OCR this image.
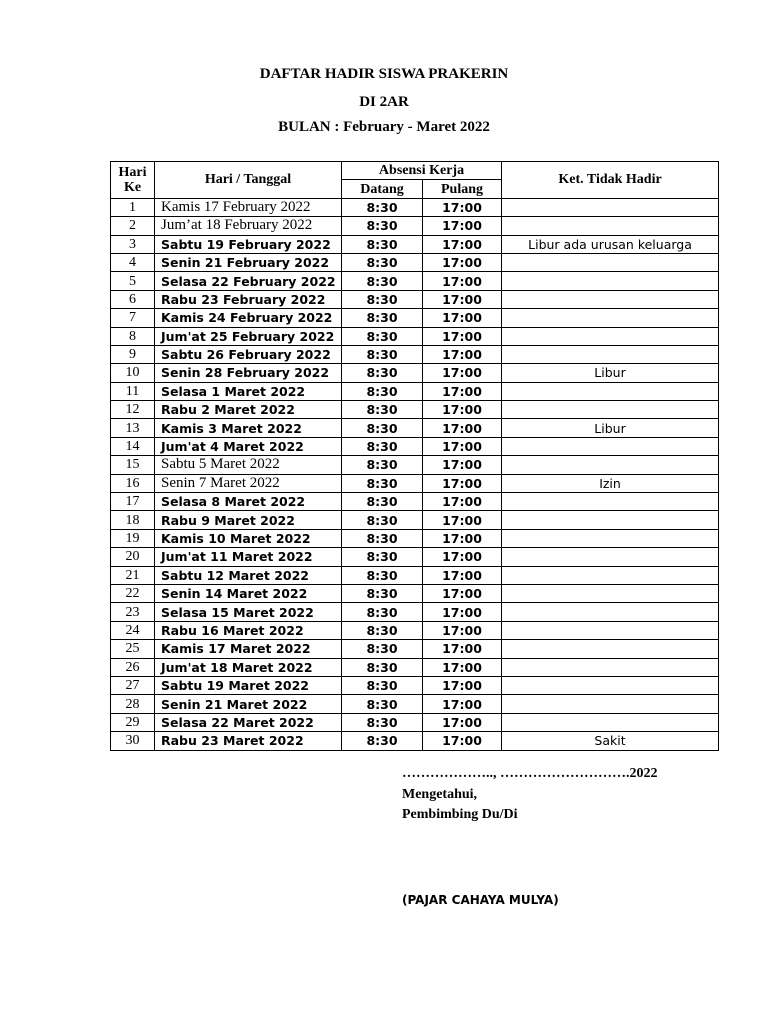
DAFTAR HADIR SISWA PRAKERIN
DI 2AR
BULAN : February - Maret 2022
Hari Ke	Hari / Tanggal	Absensi Kerja		Ket. Tidak Hadir
		Datang	Pulang	
1	Kamis 17 February 2022	8:30	17:00	
2	Jum’at 18 February 2022	8:30	17:00	
3	Sabtu 19 February 2022	8:30	17:00	Libur ada urusan keluarga
4	Senin 21 February 2022	8:30	17:00	
5	Selasa 22 February 2022	8:30	17:00	
6	Rabu 23 February 2022	8:30	17:00	
7	Kamis 24 February 2022	8:30	17:00	
8	Jum'at 25 February 2022	8:30	17:00	
9	Sabtu 26 February 2022	8:30	17:00	
10	Senin 28 February 2022	8:30	17:00	Libur
11	Selasa 1 Maret 2022	8:30	17:00	
12	Rabu 2 Maret 2022	8:30	17:00	
13	Kamis 3 Maret 2022	8:30	17:00	Libur
14	Jum'at 4 Maret 2022	8:30	17:00	
15	Sabtu 5 Maret 2022	8:30	17:00	
16	Senin 7 Maret 2022	8:30	17:00	Izin
17	Selasa 8 Maret 2022	8:30	17:00	
18	Rabu 9 Maret 2022	8:30	17:00	
19	Kamis 10 Maret 2022	8:30	17:00	
20	Jum'at 11 Maret 2022	8:30	17:00	
21	Sabtu 12 Maret 2022	8:30	17:00	
22	Senin 14 Maret 2022	8:30	17:00	
23	Selasa 15 Maret 2022	8:30	17:00	
24	Rabu 16 Maret 2022	8:30	17:00	
25	Kamis 17 Maret 2022	8:30	17:00	
26	Jum'at 18 Maret 2022	8:30	17:00	
27	Sabtu 19 Maret 2022	8:30	17:00	
28	Senin 21 Maret 2022	8:30	17:00	
29	Selasa 22 Maret 2022	8:30	17:00	
30	Rabu 23 Maret 2022	8:30	17:00	Sakit
……………….., ……………………….2022
Mengetahui,
Pembimbing Du/Di
(PAJAR CAHAYA MULYA)
